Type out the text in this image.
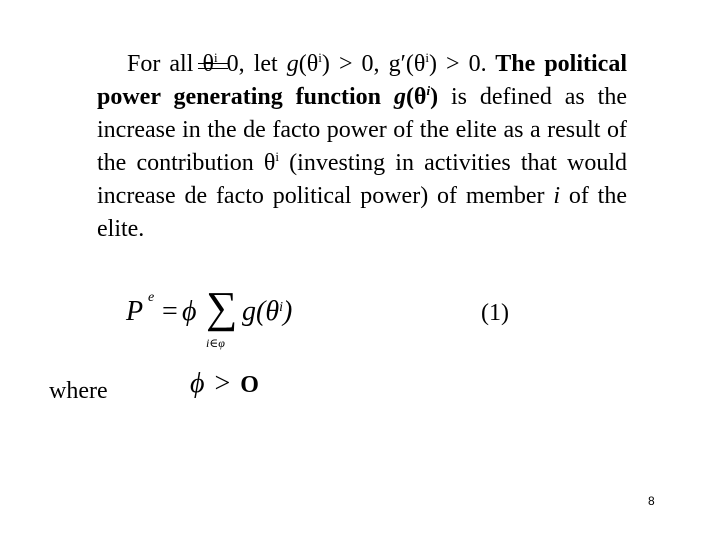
For all $\theta^i$
0, let $g(\theta^i) > 0$, $g'(\theta^i) > 0$. The political power generating function $g(\theta^i)$ is defined as the increase in the de facto power of the elite as a result of the contribution $\theta^i$ (investing in activities that would increase de facto political power) of member i of the elite.
P e = ϕ ∑
i∈φ
$g(\theta^i)$	(1)
where	ϕ > O
8
